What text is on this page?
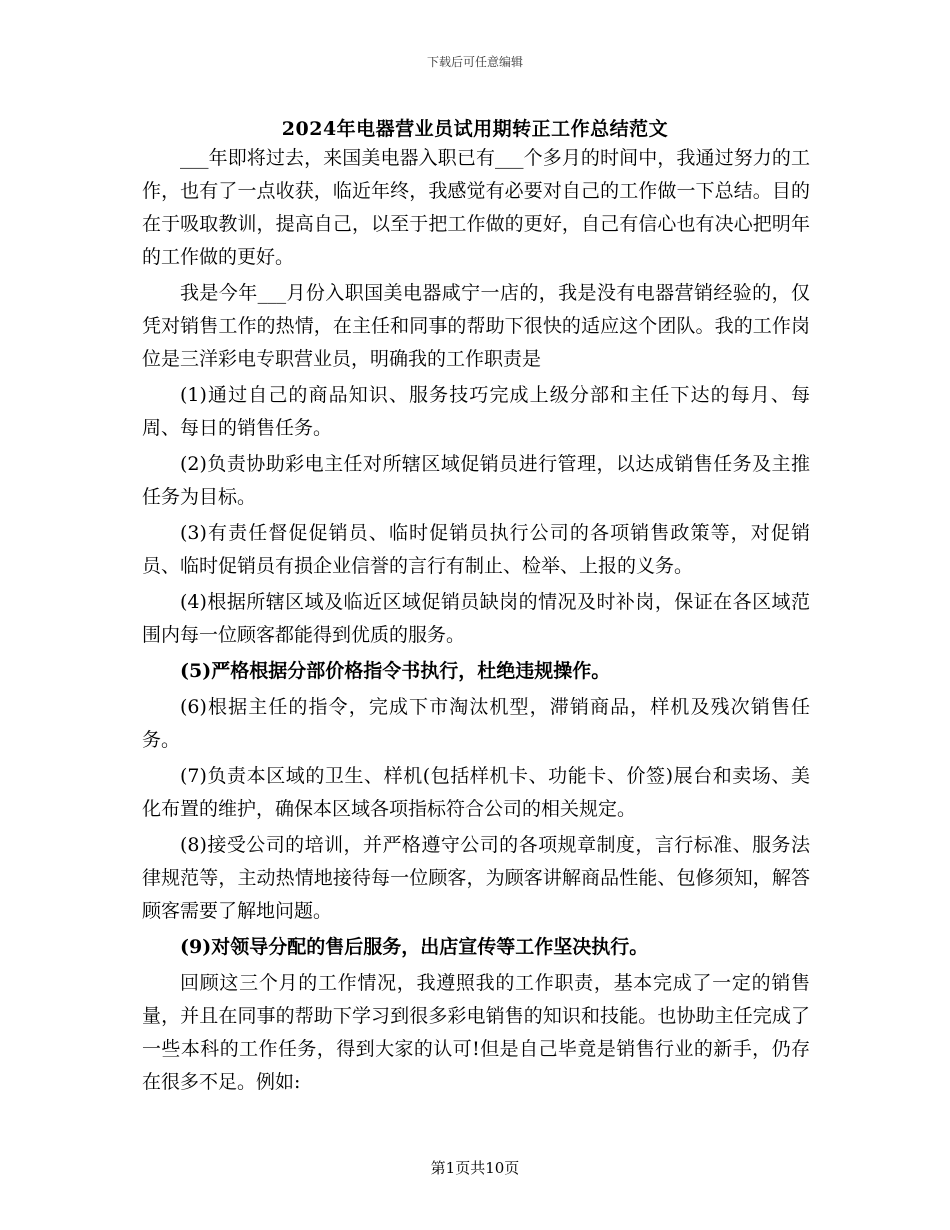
下载后可任意编辑
2024年电器营业员试用期转正工作总结范文

___年即将过去，来国美电器入职已有___个多月的时间中，我通过努力的工作，也有了一点收获，临近年终，我感觉有必要对自己的工作做一下总结。目的在于吸取教训，提高自己，以至于把工作做的更好，自己有信心也有决心把明年的工作做的更好。

我是今年___月份入职国美电器咸宁一店的，我是没有电器营销经验的，仅凭对销售工作的热情，在主任和同事的帮助下很快的适应这个团队。我的工作岗位是三洋彩电专职营业员，明确我的工作职责是

(1)通过自己的商品知识、服务技巧完成上级分部和主任下达的每月、每周、每日的销售任务。

(2)负责协助彩电主任对所辖区域促销员进行管理，以达成销售任务及主推任务为目标。

(3)有责任督促促销员、临时促销员执行公司的各项销售政策等，对促销员、临时促销员有损企业信誉的言行有制止、检举、上报的义务。

(4)根据所辖区域及临近区域促销员缺岗的情况及时补岗，保证在各区域范围内每一位顾客都能得到优质的服务。

(5)严格根据分部价格指令书执行，杜绝违规操作。

(6)根据主任的指令，完成下市淘汰机型，滞销商品，样机及残次销售任务。

(7)负责本区域的卫生、样机(包括样机卡、功能卡、价签)展台和卖场、美化布置的维护，确保本区域各项指标符合公司的相关规定。

(8)接受公司的培训，并严格遵守公司的各项规章制度，言行标准、服务法律规范等，主动热情地接待每一位顾客，为顾客讲解商品性能、包修须知，解答顾客需要了解地问题。

(9)对领导分配的售后服务，出店宣传等工作坚决执行。

回顾这三个月的工作情况，我遵照我的工作职责，基本完成了一定的销售量，并且在同事的帮助下学习到很多彩电销售的知识和技能。也协助主任完成了一些本科的工作任务，得到大家的认可!但是自己毕竟是销售行业的新手，仍存在很多不足。例如:

第1页共10页
